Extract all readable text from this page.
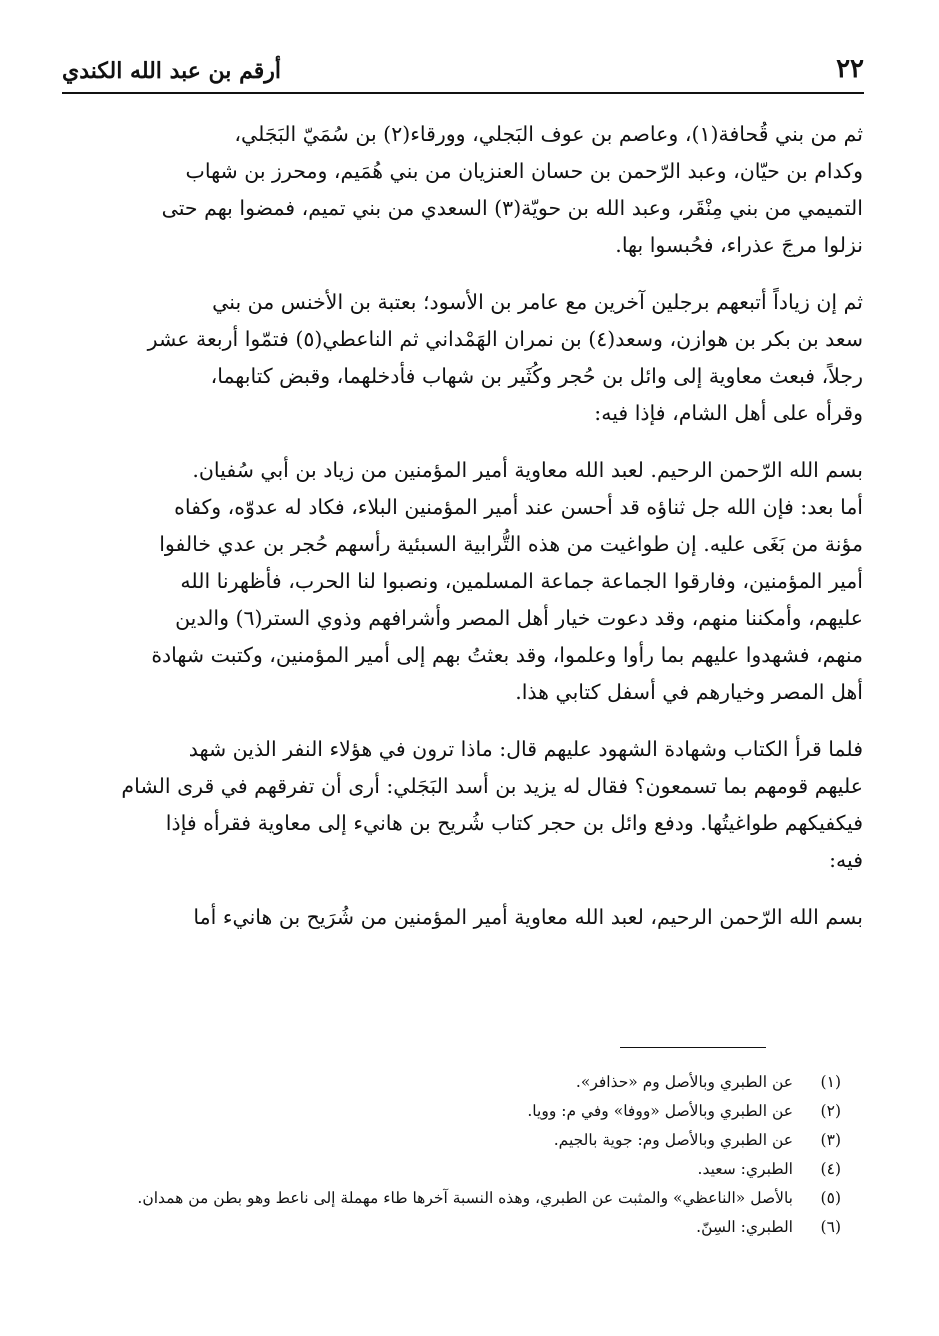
٢٢
أرقم بن عبد الله الكندي

ثم من بني قُحافة(١)، وعاصم بن عوف البَجلي، وورقاء(٢) بن سُمَيّ البَجَلي،
وكدام بن حيّان، وعبد الرّحمن بن حسان العنزيان من بني هُمَيم، ومحرز بن شهاب
التميمي من بني مِنْقَر، وعبد الله بن حويّة(٣) السعدي من بني تميم، فمضوا بهم حتى
نزلوا مرجَ عذراء، فحُبسوا بها.

ثم إن زياداً أتبعهم برجلين آخرين مع عامر بن الأسود؛ بعتبة بن الأخنس من بني
سعد بن بكر بن هوازن، وسعد(٤) بن نمران الهَمْداني ثم الناعطي(٥) فتمّوا أربعة عشر
رجلاً، فبعث معاوية إلى وائل بن حُجر وكُثَير بن شهاب فأدخلهما، وقبض كتابهما،
وقرأه على أهل الشام، فإذا فيه:

بسم الله الرّحمن الرحيم. لعبد الله معاوية أمير المؤمنين من زياد بن أبي سُفيان.
أما بعد: فإن الله جل ثناؤه قد أحسن عند أمير المؤمنين البلاء، فكاد له عدوّه، وكفاه
مؤنة من بَغَى عليه. إن طواغيت من هذه التُّرابية السبئية رأسهم حُجر بن عدي خالفوا
أمير المؤمنين، وفارقوا الجماعة جماعة المسلمين، ونصبوا لنا الحرب، فأظهرنا الله
عليهم، وأمكننا منهم، وقد دعوت خيار أهل المصر وأشرافهم وذوي الستر(٦) والدين
منهم، فشهدوا عليهم بما رأوا وعلموا، وقد بعثتُ بهم إلى أمير المؤمنين، وكتبت شهادة
أهل المصر وخيارهم في أسفل كتابي هذا.

فلما قرأ الكتاب وشهادة الشهود عليهم قال: ماذا ترون في هؤلاء النفر الذين شهد
عليهم قومهم بما تسمعون؟ فقال له يزيد بن أسد البَجَلي: أرى أن تفرقهم في قرى الشام
فيكفيكهم طواغيتُها. ودفع وائل بن حجر كتاب شُريح بن هانيء إلى معاوية فقرأه فإذا
فيه:

بسم الله الرّحمن الرحيم، لعبد الله معاوية أمير المؤمنين من شُرَيح بن هانيء أما

(١)
عن الطبري وبالأصل وم «حذافر».
(٢)
عن الطبري وبالأصل «ووفا» وفي م: وويا.
(٣)
عن الطبري وبالأصل وم: جوية بالجيم.
(٤)
الطبري: سعيد.
(٥)
بالأصل «الناعظي» والمثبت عن الطبري، وهذه النسبة آخرها طاء مهملة إلى ناعط وهو بطن من همدان.
(٦)
الطبري: السِنّ.
